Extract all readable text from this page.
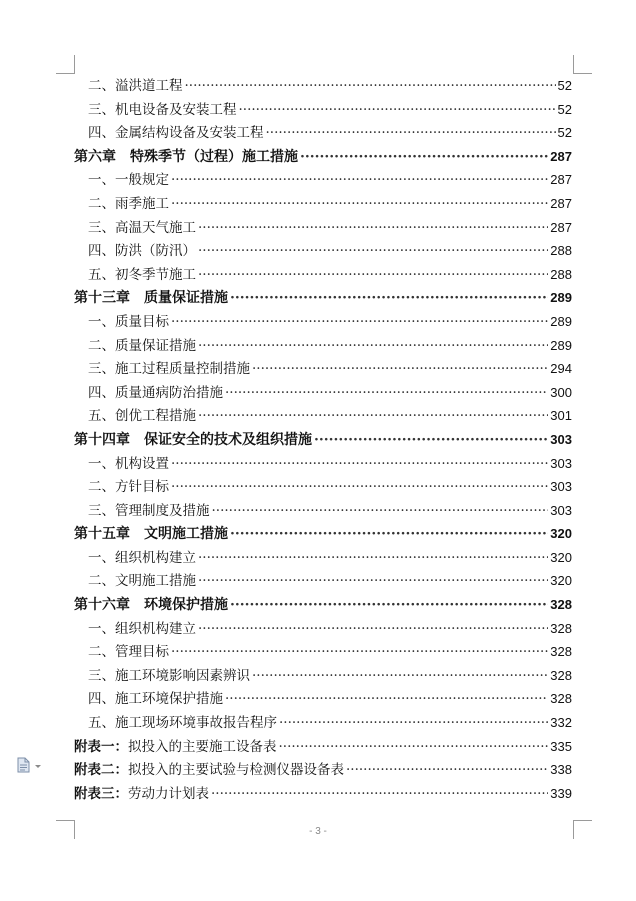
二、溢洪道工程 ·····	52
三、机电设备及安装工程 ·····	52
四、金属结构设备及安装工程 ·····	52
第六章　特殊季节（过程）施工措施 ·····	287
一、一般规定 ·····	287
二、雨季施工 ·····	287
三、高温天气施工 ·····	287
四、防洪（防汛） ·····	288
五、初冬季节施工 ·····	288
第十三章　质量保证措施 ·····	289
一、质量目标 ·····	289
二、质量保证措施 ·····	289
三、施工过程质量控制措施 ·····	294
四、质量通病防治措施 ·····	300
五、创优工程措施 ·····	301
第十四章　保证安全的技术及组织措施 ·····	303
一、机构设置 ·····	303
二、方针目标 ·····	303
三、管理制度及措施 ·····	303
第十五章　文明施工措施 ·····	320
一、组织机构建立 ·····	320
二、文明施工措施 ·····	320
第十六章　环境保护措施 ·····	328
一、组织机构建立 ·····	328
二、管理目标 ·····	328
三、施工环境影响因素辨识 ·····	328
四、施工环境保护措施 ·····	328
五、施工现场环境事故报告程序 ·····	332
附表一：拟投入的主要施工设备表 ·····	335
附表二：拟投入的主要试验与检测仪器设备表 ·····	338
附表三：劳动力计划表 ·····	339
- 3 -
